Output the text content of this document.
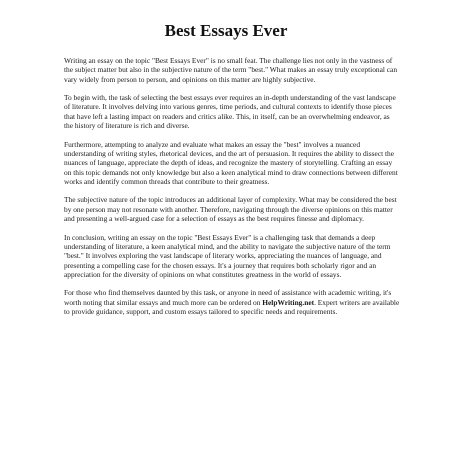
Best Essays Ever

Writing an essay on the topic "Best Essays Ever" is no small feat. The challenge lies not only in the vastness of the subject matter but also in the subjective nature of the term "best." What makes an essay truly exceptional can vary widely from person to person, and opinions on this matter are highly subjective.

To begin with, the task of selecting the best essays ever requires an in-depth understanding of the vast landscape of literature. It involves delving into various genres, time periods, and cultural contexts to identify those pieces that have left a lasting impact on readers and critics alike. This, in itself, can be an overwhelming endeavor, as the history of literature is rich and diverse.

Furthermore, attempting to analyze and evaluate what makes an essay the "best" involves a nuanced understanding of writing styles, rhetorical devices, and the art of persuasion. It requires the ability to dissect the nuances of language, appreciate the depth of ideas, and recognize the mastery of storytelling. Crafting an essay on this topic demands not only knowledge but also a keen analytical mind to draw connections between different works and identify common threads that contribute to their greatness.

The subjective nature of the topic introduces an additional layer of complexity. What may be considered the best by one person may not resonate with another. Therefore, navigating through the diverse opinions on this matter and presenting a well-argued case for a selection of essays as the best requires finesse and diplomacy.

In conclusion, writing an essay on the topic "Best Essays Ever" is a challenging task that demands a deep understanding of literature, a keen analytical mind, and the ability to navigate the subjective nature of the term "best." It involves exploring the vast landscape of literary works, appreciating the nuances of language, and presenting a compelling case for the chosen essays. It's a journey that requires both scholarly rigor and an appreciation for the diversity of opinions on what constitutes greatness in the world of essays.

For those who find themselves daunted by this task, or anyone in need of assistance with academic writing, it's worth noting that similar essays and much more can be ordered on HelpWriting.net. Expert writers are available to provide guidance, support, and custom essays tailored to specific needs and requirements.
